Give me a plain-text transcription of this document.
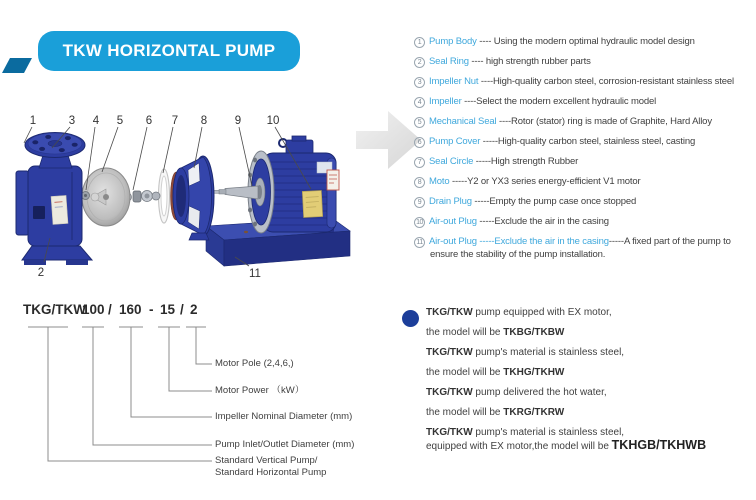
TKW HORIZONTAL PUMP
1	3 4 5 6 7 8 9 10
2	11
1 Pump Body ---- Using the modern optimal hydraulic model design
2 Seal Ring ---- high strength rubber parts
3 Impeller Nut ----High-quality carbon steel, corrosion-resistant stainless steel
4 Impeller ----Select the modern excellent hydraulic model
5 Mechanical Seal ----Rotor (stator) ring is made of Graphite, Hard Alloy
6 Pump Cover -----High-quality carbon steel, stainless steel, casting
7 Seal Circle -----High strength Rubber
8 Moto -----Y2 or YX3 series energy-efficient V1 motor
9 Drain Plug -----Empty the pump case once stopped
10 Air-out Plug -----Exclude the air in the casing
11 Air-out Plug -----Exclude the air in the casing-----A fixed part of the pump to ensure the stability of the pump installation.
TKG/TKW
100 / 160 - 15 / 2
Motor Pole (2,4,6,)
Motor Power （kW）
Impeller Nominal Diameter (mm)
Pump Inlet/Outlet Diameter (mm)
Standard Vertical Pump/
Standard Horizontal Pump
TKG/TKW pump equipped with EX motor,
the model will be TKBG/TKBW
TKG/TKW pump's material is stainless steel,
the model will be TKHG/TKHW
TKG/TKW pump delivered the hot water,
the model will be TKRG/TKRW
TKG/TKW pump's material is stainless steel,
equipped with EX motor,the model will be TKHGB/TKHWB
